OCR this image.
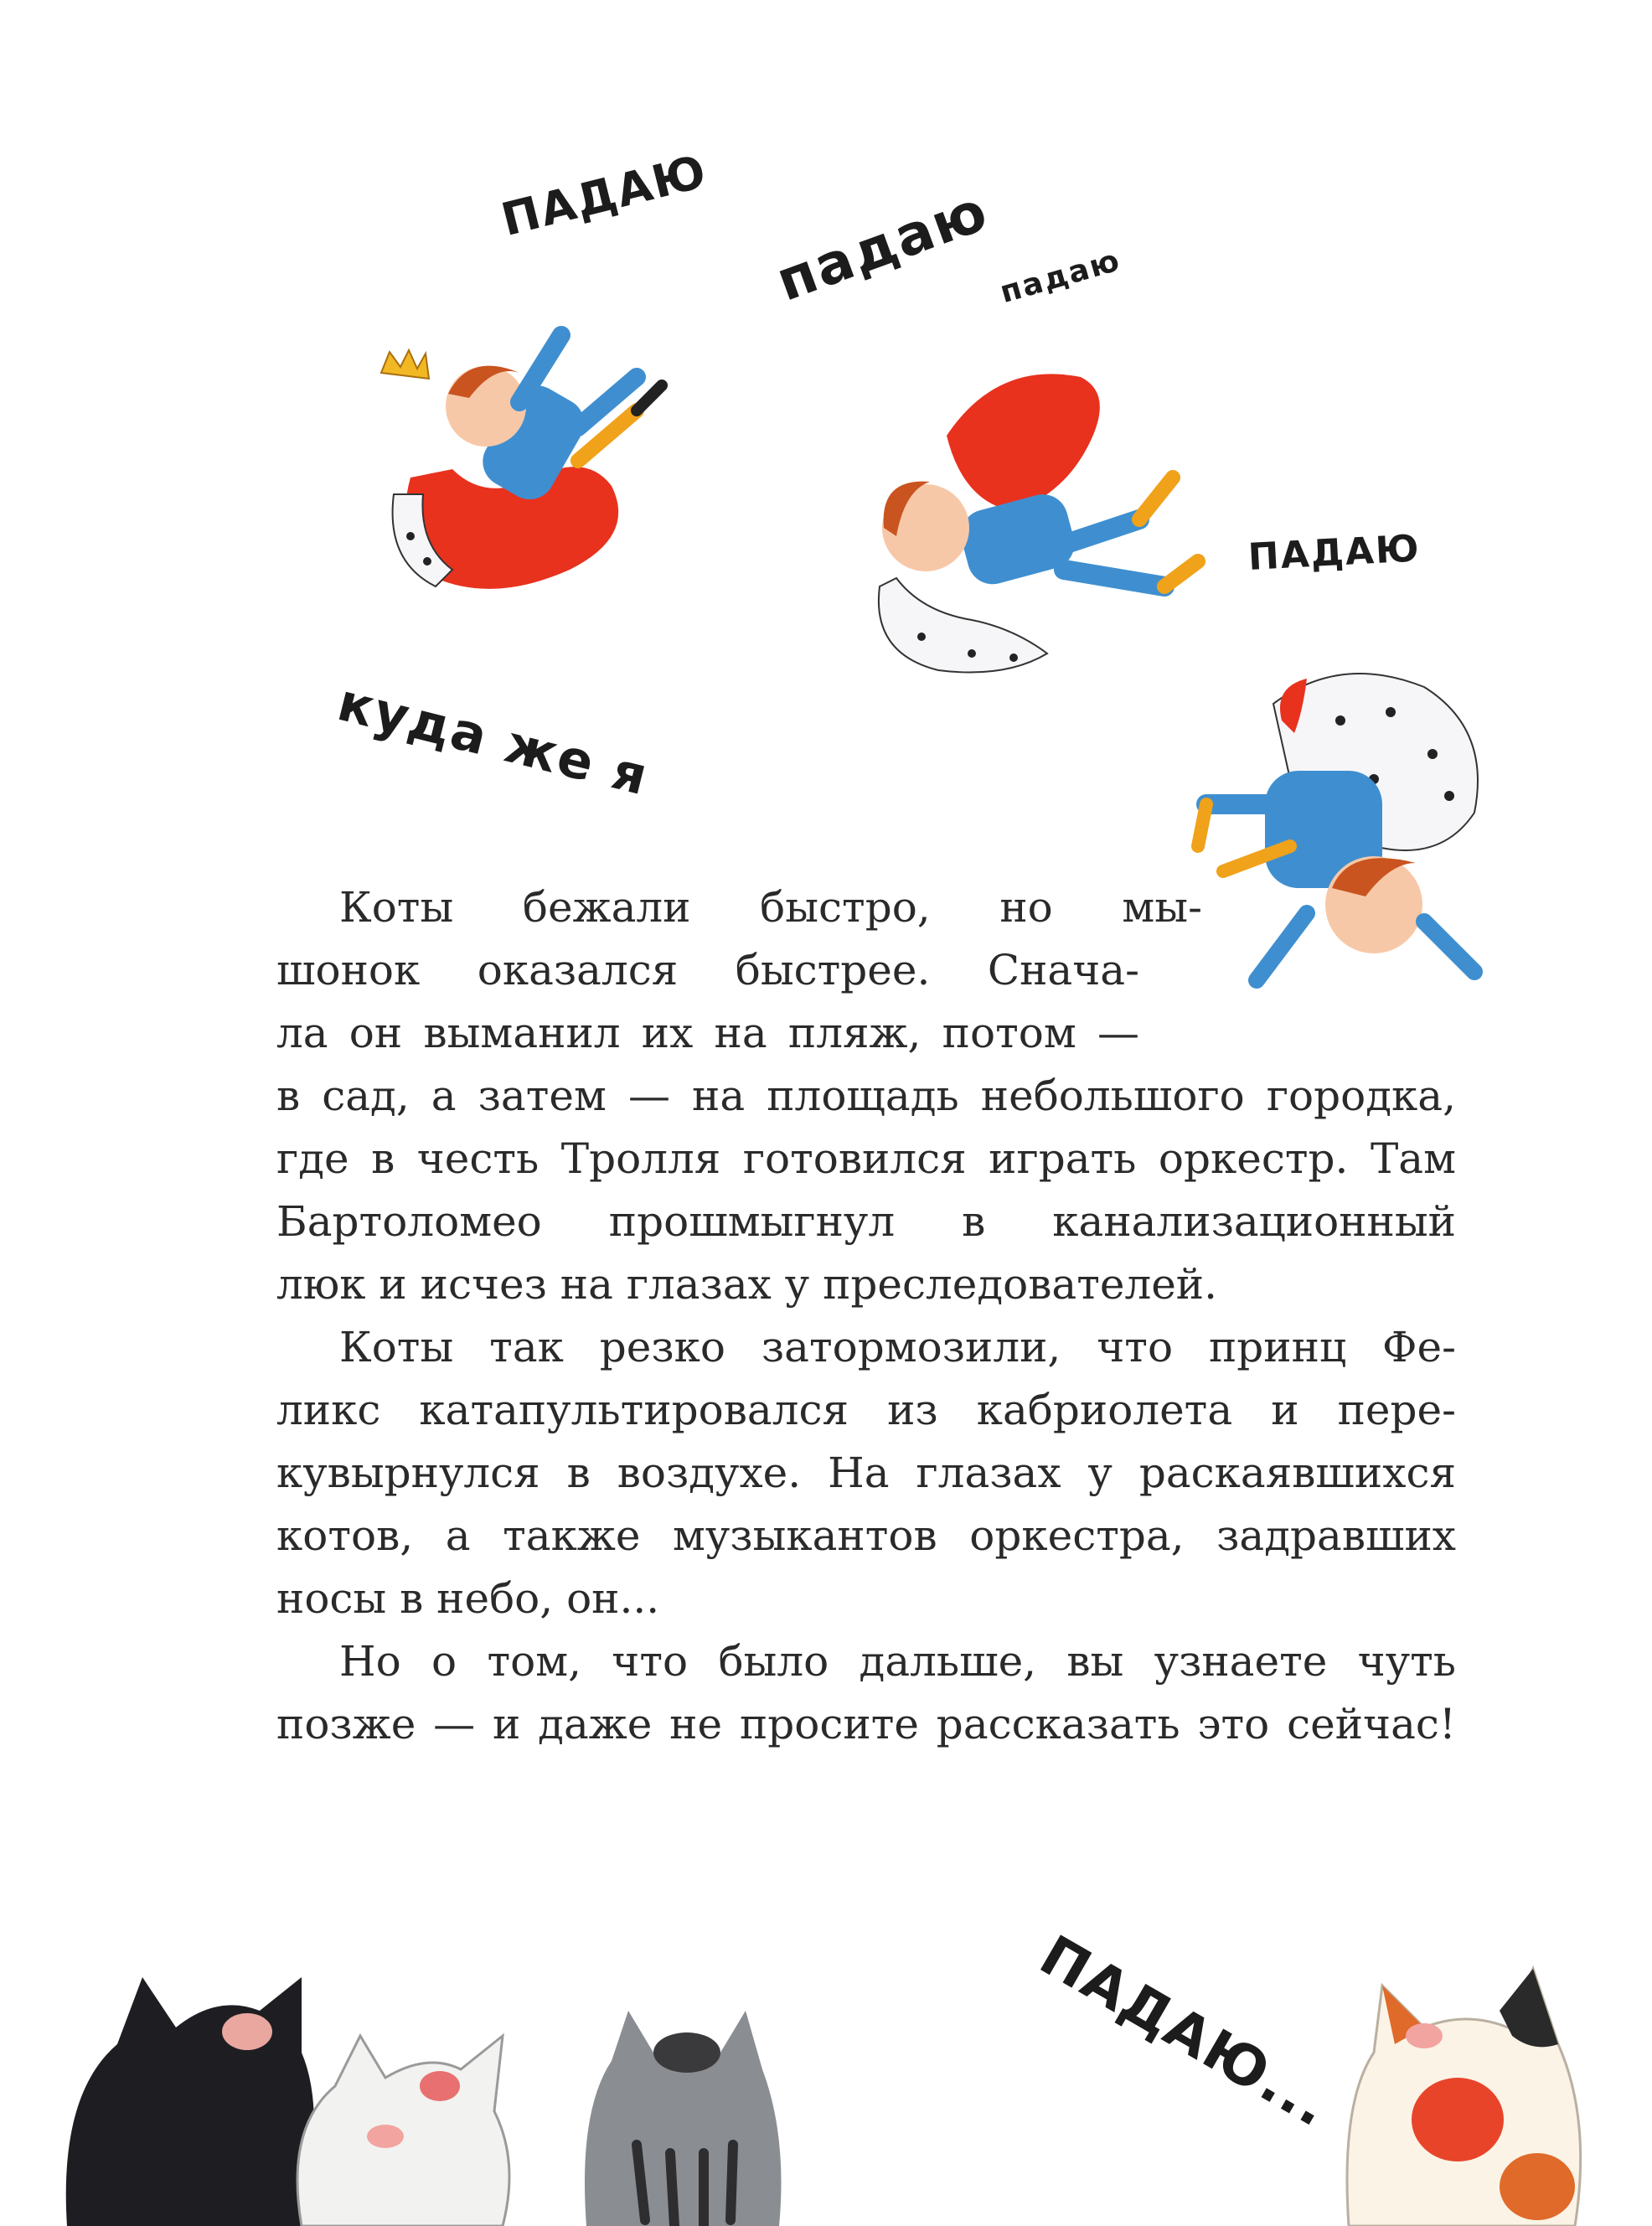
ПАДАЮ падаю падаю
ПАДАЮ
куда же я
ПАДАЮ...
Коты бежали быстро, но мы-
шонок оказался быстрее. Снача-
ла он выманил их на пляж, потом —
в сад, а затем — на площадь небольшого городка,
где в честь Тролля готовился играть оркестр. Там
Бартоломео прошмыгнул в канализационный
люк и исчез на глазах у преследователей.
Коты так резко затормозили, что принц Фе-
ликс катапультировался из кабриолета и пере-
кувырнулся в воздухе. На глазах у раскаявшихся
котов, а также музыкантов оркестра, задравших
носы в небо, он...
Но о том, что было дальше, вы узнаете чуть
позже — и даже не просите рассказать это сейчас!
